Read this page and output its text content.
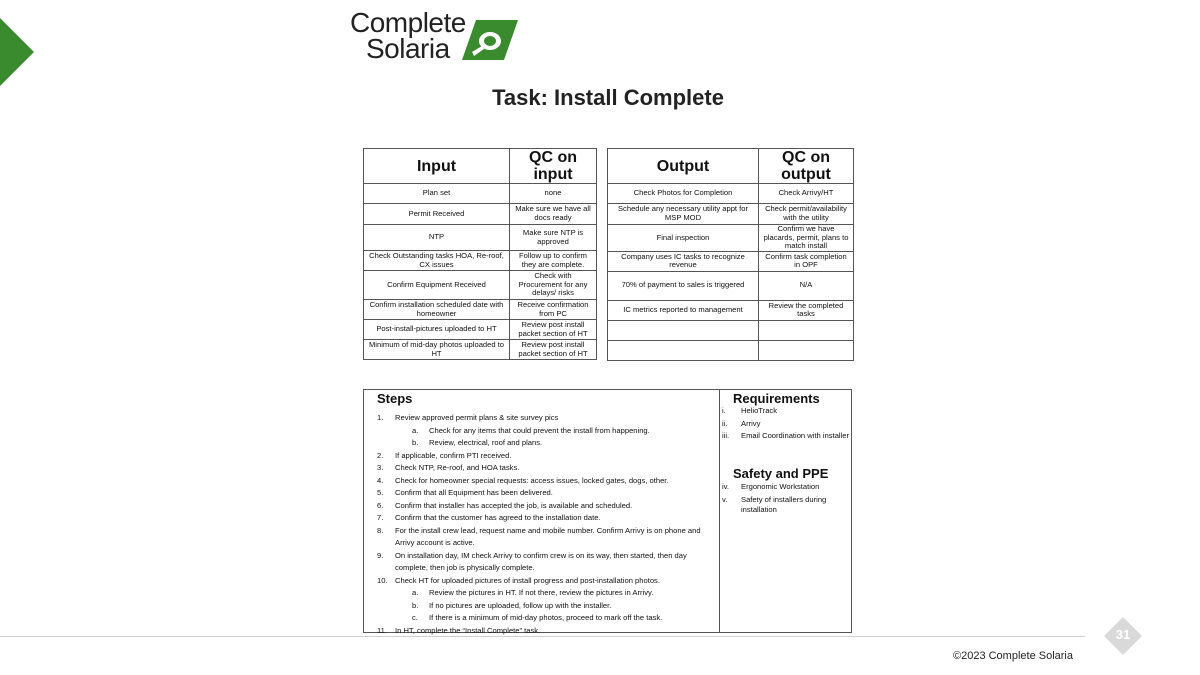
Complete
Solaria
Task: Install Complete
Input	QC on input
Plan set	none
Permit Received	Make sure we have all docs ready
NTP	Make sure NTP is approved
Check Outstanding tasks HOA, Re-roof, CX issues	Follow up to confirm they are complete.
Confirm Equipment Received	Check with Procurement for any delays/ risks
Confirm installation scheduled date with homeowner	Receive confirmation from PC
Post-install-pictures uploaded to HT	Review post install packet section of HT
Minimum of mid-day photos uploaded to HT	Review post install packet section of HT
Output	QC on output
Check Photos for Completion	Check Arrivy/HT
Schedule any necessary utility appt for MSP MOD	Check permit/availability with the utility
Final inspection	Confirm we have placards, permit, plans to match install
Company uses IC tasks to recognize revenue	Confirm task completion in OPF
70% of payment to sales is triggered	N/A
IC metrics reported to management	Review the completed tasks

Steps
1. Review approved permit plans & site survey pics
a. Check for any items that could prevent the install from happening.
b. Review, electrical, roof and plans.
2. If applicable, confirm PTI received.
3. Check NTP, Re-roof, and HOA tasks.
4. Check for homeowner special requests: access issues, locked gates, dogs, other.
5. Confirm that all Equipment has been delivered.
6. Confirm that installer has accepted the job, is available and scheduled.
7. Confirm that the customer has agreed to the installation date.
8. For the install crew lead, request name and mobile number. Confirm Arrivy is on phone and Arrivy account is active.
9. On installation day, IM check Arrivy to confirm crew is on its way, then started, then day complete, then job is physically complete.
10. Check HT for uploaded pictures of install progress and post-installation photos.
a. Review the pictures in HT. If not there, review the pictures in Arrivy.
b. If no pictures are uploaded, follow up with the installer.
c. If there is a minimum of mid-day photos, proceed to mark off the task.
11. In HT, complete the “Install Complete” task.
Requirements
i. HelioTrack
ii. Arrivy
iii. Email Coordination with installer
Safety and PPE
iv. Ergonomic Workstation
v. Safety of installers during installation
31
©2023 Complete Solaria
